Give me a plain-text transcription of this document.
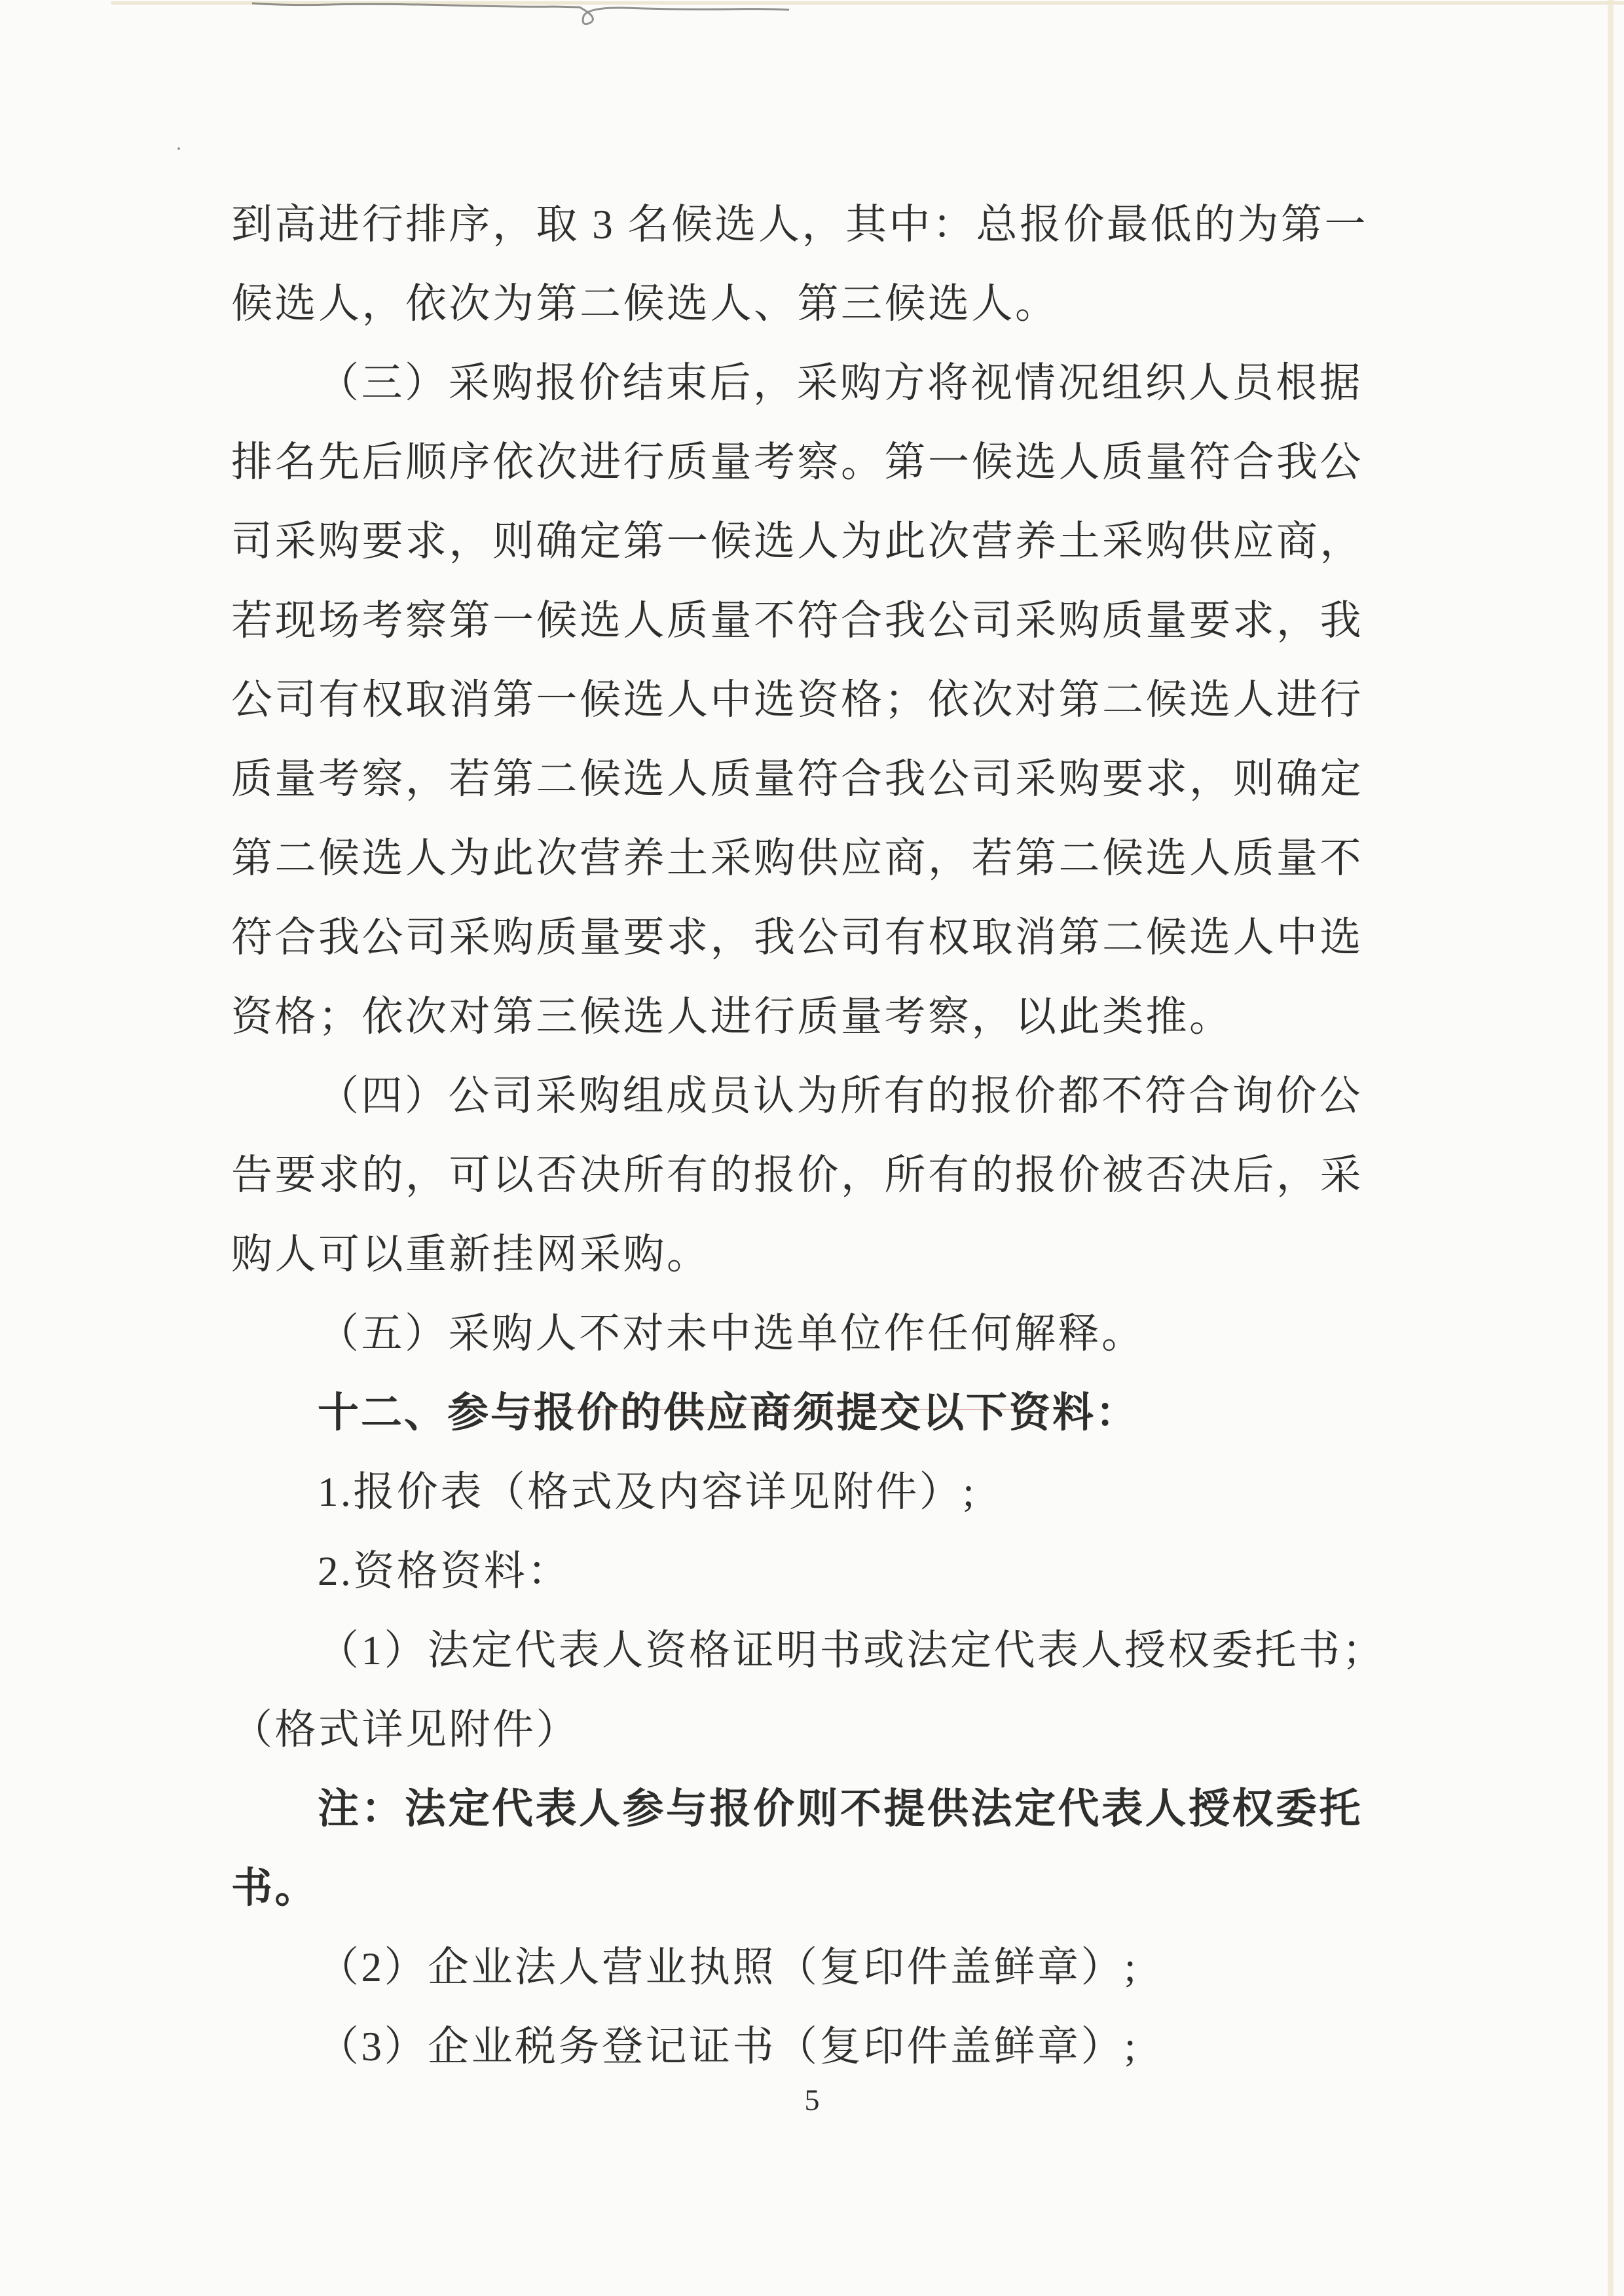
到高进行排序，取 3 名候选人，其中：总报价最低的为第一

候选人，依次为第二候选人、第三候选人。

（三）采购报价结束后，采购方将视情况组织人员根据

排名先后顺序依次进行质量考察。第一候选人质量符合我公

司采购要求，则确定第一候选人为此次营养土采购供应商，

若现场考察第一候选人质量不符合我公司采购质量要求，我

公司有权取消第一候选人中选资格；依次对第二候选人进行

质量考察，若第二候选人质量符合我公司采购要求，则确定

第二候选人为此次营养土采购供应商，若第二候选人质量不

符合我公司采购质量要求，我公司有权取消第二候选人中选

资格；依次对第三候选人进行质量考察，以此类推。

（四）公司采购组成员认为所有的报价都不符合询价公

告要求的，可以否决所有的报价，所有的报价被否决后，采

购人可以重新挂网采购。

（五）采购人不对未中选单位作任何解释。

十二、参与报价的供应商须提交以下资料：

1.报价表（格式及内容详见附件）;

2.资格资料：

（1）法定代表人资格证明书或法定代表人授权委托书；

（格式详见附件）

注：法定代表人参与报价则不提供法定代表人授权委托

书。

（2）企业法人营业执照（复印件盖鲜章）;

（3）企业税务登记证书（复印件盖鲜章）;

5
